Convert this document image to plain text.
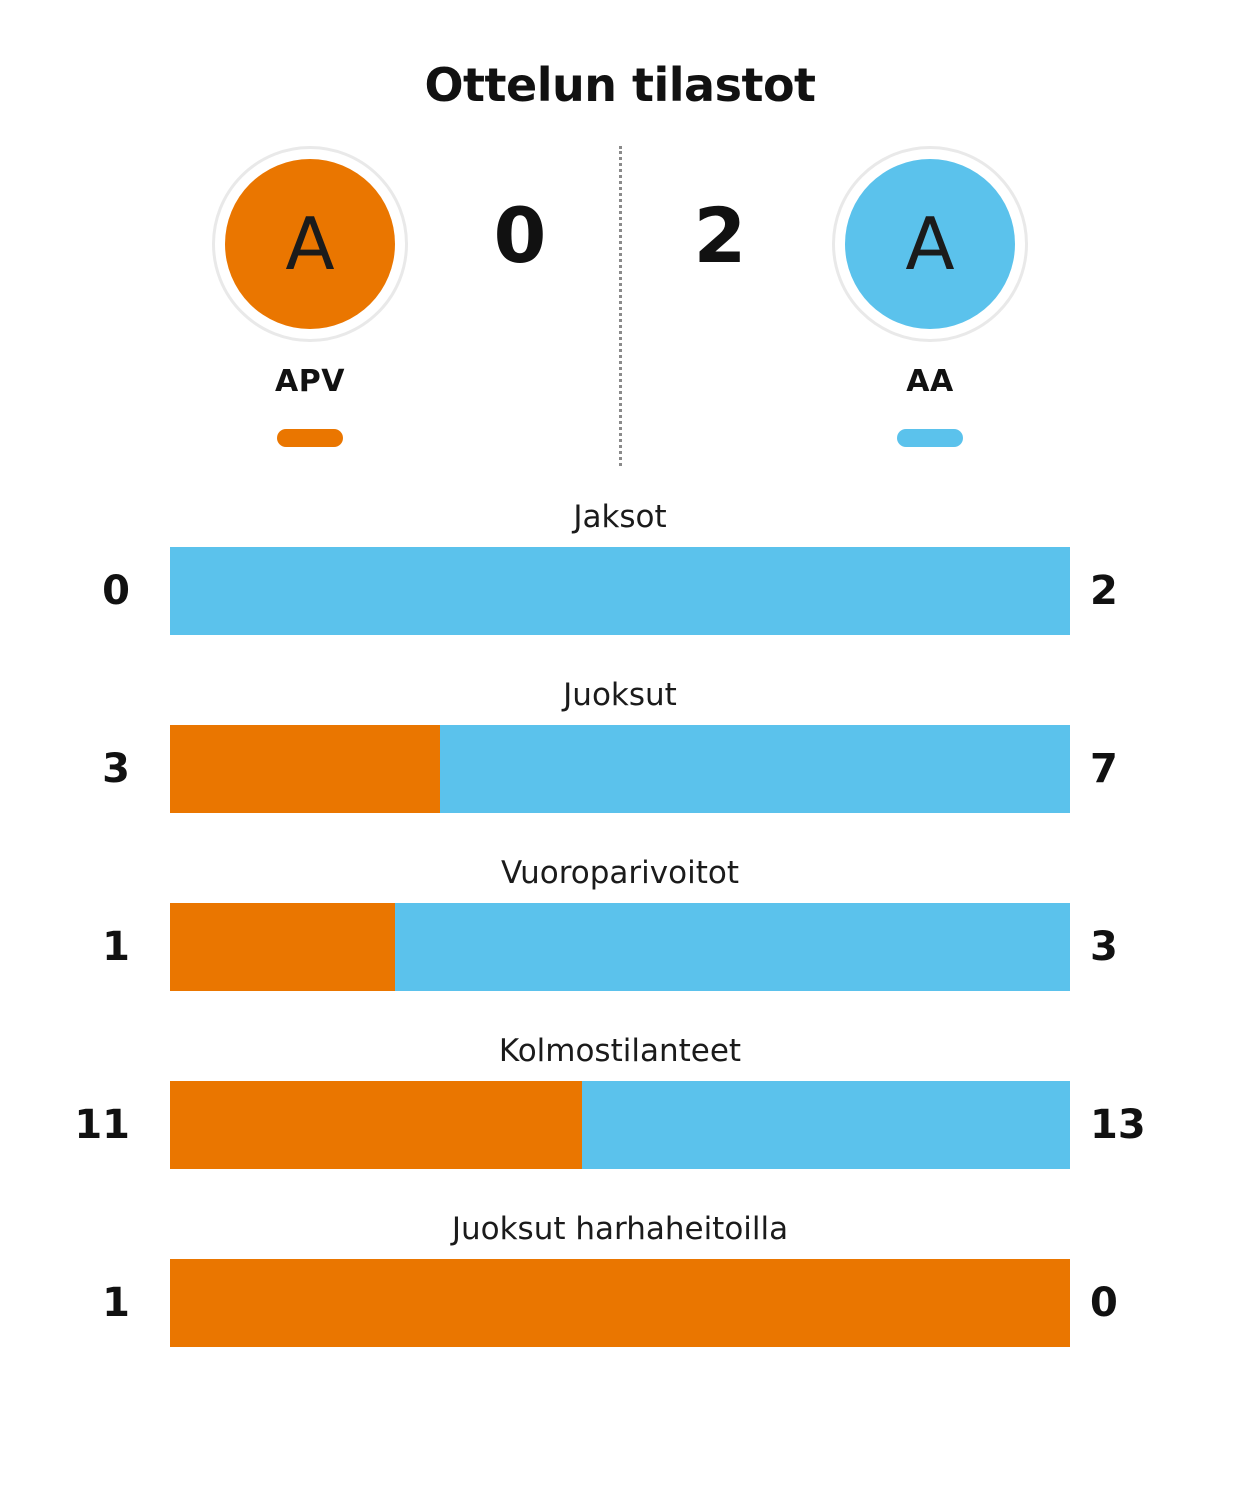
Ottelun tilastot
A
APV
0	2	A
AA
Jaksot
0	2
Juoksut
3	7
Vuoroparivoitot
1	3
Kolmostilanteet
11	13
Juoksut harhaheitoilla
1	0
